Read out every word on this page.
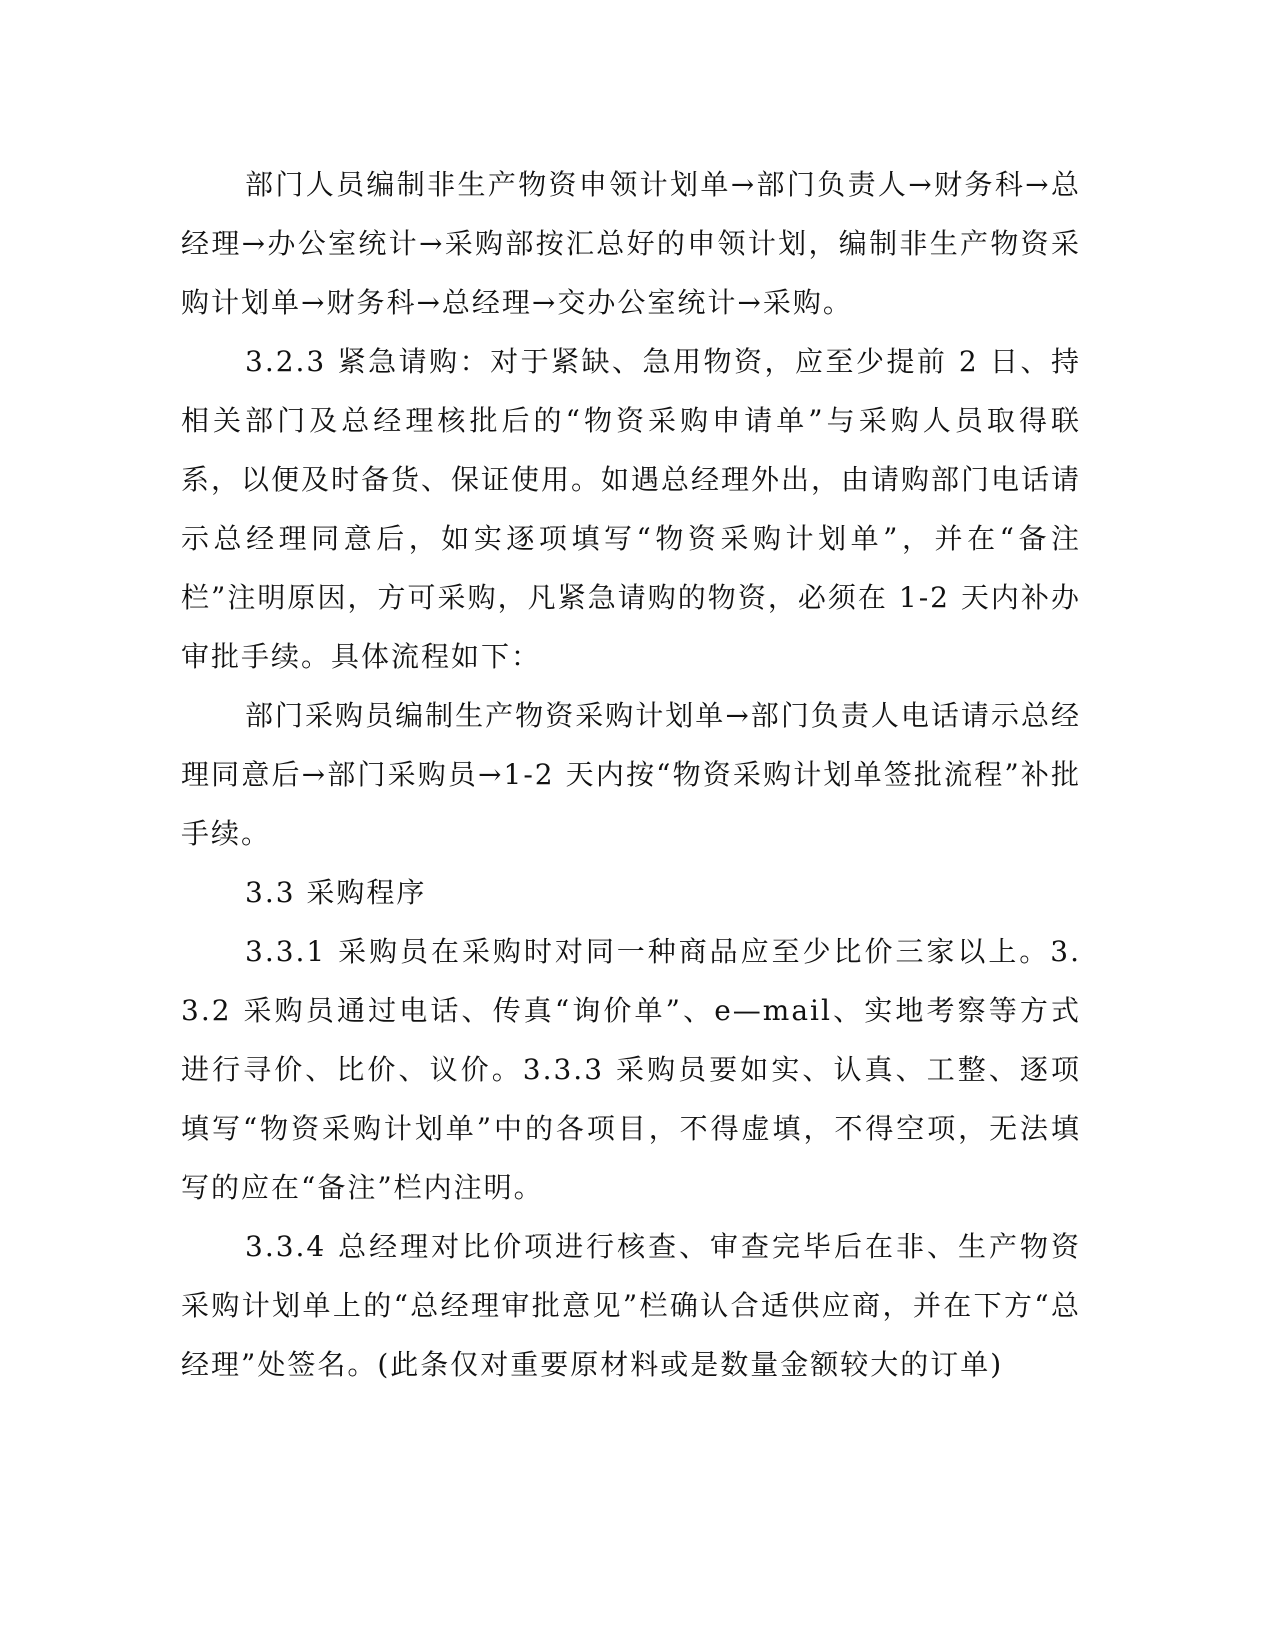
部门人员编制非生产物资申领计划单→部门负责人→财务科→总经理→办公室统计→采购部按汇总好的申领计划，编制非生产物资采购计划单→财务科→总经理→交办公室统计→采购。

3.2.3 紧急请购：对于紧缺、急用物资，应至少提前 2 日、持相关部门及总经理核批后的“物资采购申请单”与采购人员取得联系，以便及时备货、保证使用。如遇总经理外出，由请购部门电话请示总经理同意后，如实逐项填写“物资采购计划单”，并在“备注栏”注明原因，方可采购，凡紧急请购的物资，必须在 1-2 天内补办审批手续。具体流程如下：

部门采购员编制生产物资采购计划单→部门负责人电话请示总经理同意后→部门采购员→1-2 天内按“物资采购计划单签批流程”补批手续。

3.3 采购程序

3.3.1 采购员在采购时对同一种商品应至少比价三家以上。3.3.2 采购员通过电话、传真“询价单”、e—mail、实地考察等方式进行寻价、比价、议价。3.3.3 采购员要如实、认真、工整、逐项填写“物资采购计划单”中的各项目，不得虚填，不得空项，无法填写的应在“备注”栏内注明。

3.3.4 总经理对比价项进行核查、审查完毕后在非、生产物资采购计划单上的“总经理审批意见”栏确认合适供应商，并在下方“总经理”处签名。(此条仅对重要原材料或是数量金额较大的订单)
